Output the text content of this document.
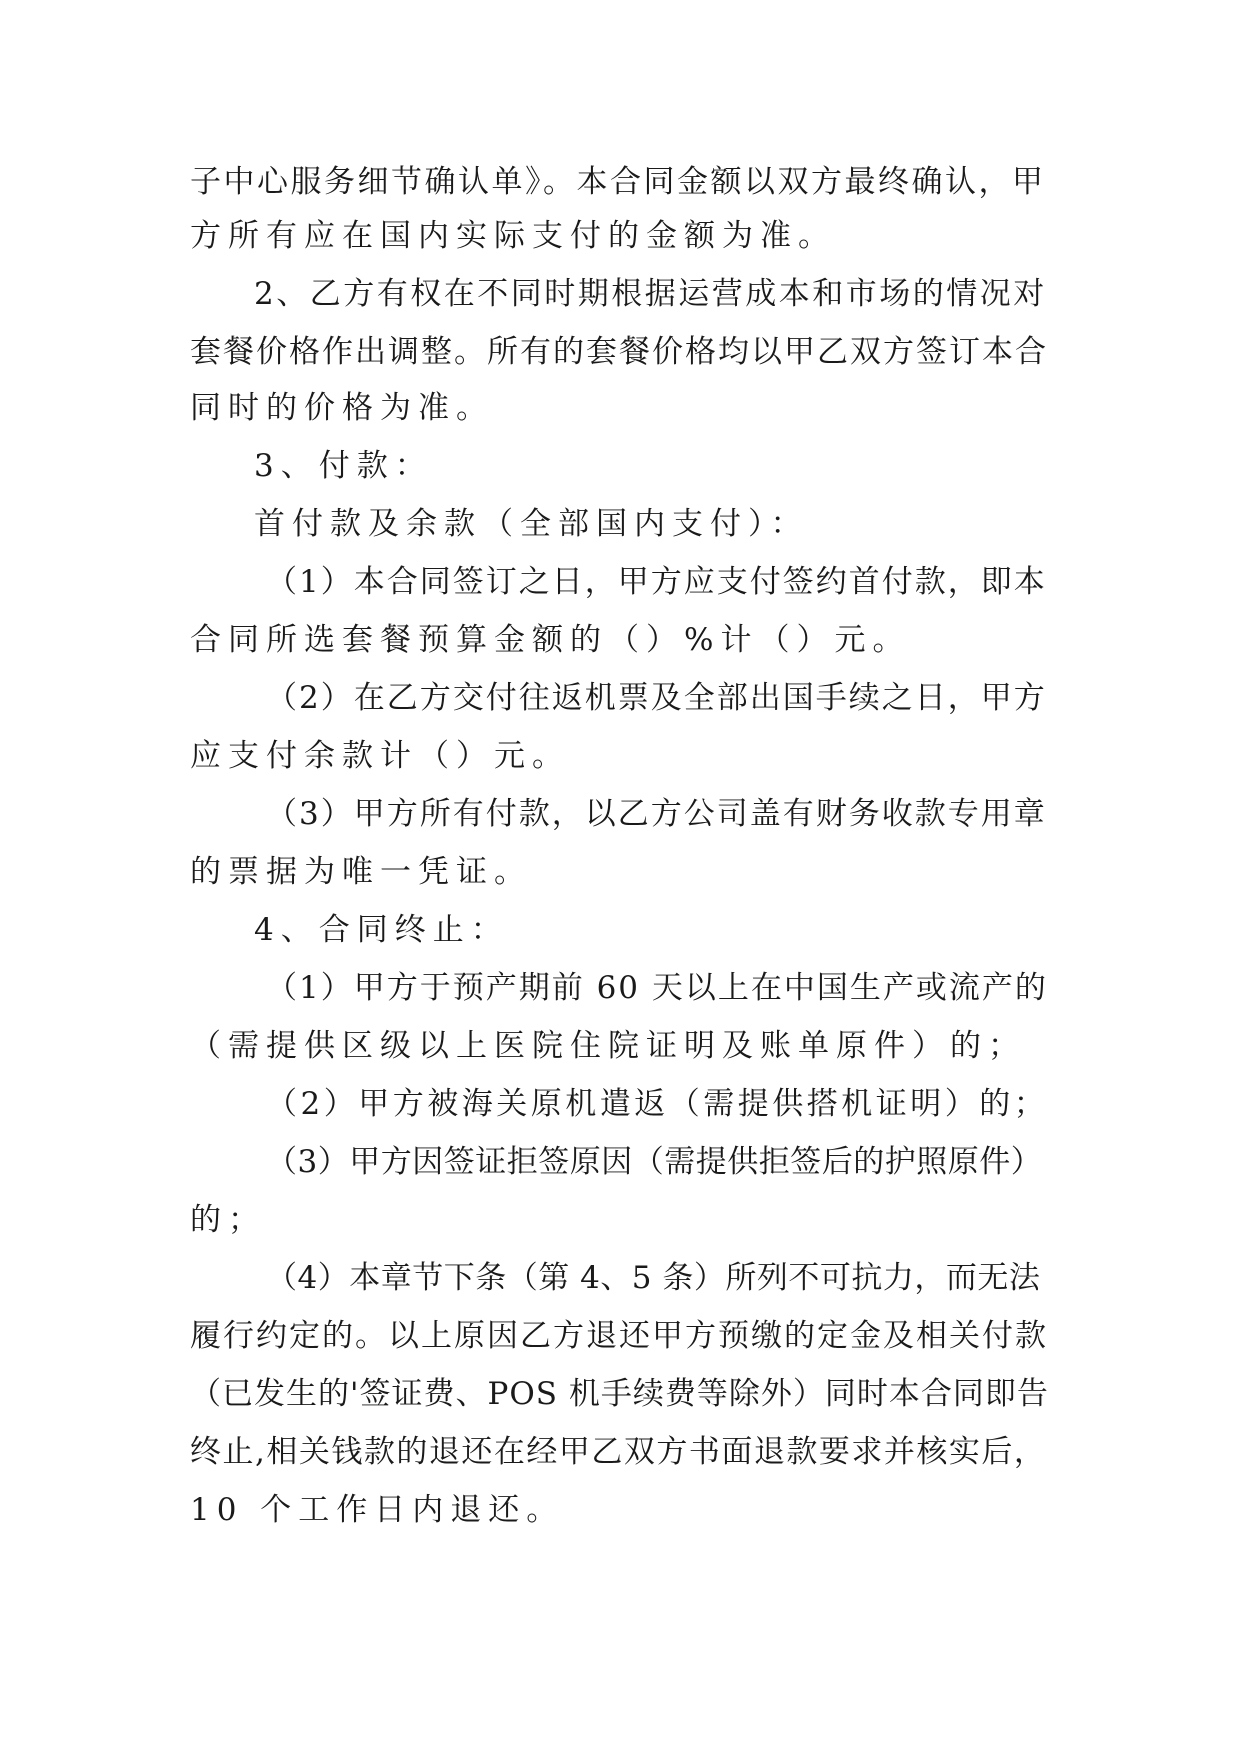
子中心服务细节确认单》。本合同金额以双方最终确认，甲
方所有应在国内实际支付的金额为准。
2、乙方有权在不同时期根据运营成本和市场的情况对
套餐价格作出调整。所有的套餐价格均以甲乙双方签订本合
同时的价格为准。
3、付款：
首付款及余款（全部国内支付）：
（1）本合同签订之日，甲方应支付签约首付款，即本
合同所选套餐预算金额的（）%计（）元。
（2）在乙方交付往返机票及全部出国手续之日，甲方
应支付余款计（）元。
（3）甲方所有付款，以乙方公司盖有财务收款专用章
的票据为唯一凭证。
4、合同终止：
（1）甲方于预产期前 60 天以上在中国生产或流产的
（需提供区级以上医院住院证明及账单原件）的；
（2）甲方被海关原机遣返（需提供搭机证明）的；
（3）甲方因签证拒签原因（需提供拒签后的护照原件）
的；
（4）本章节下条（第 4、5 条）所列不可抗力，而无法
履行约定的。以上原因乙方退还甲方预缴的定金及相关付款
（已发生的'签证费、POS 机手续费等除外）同时本合同即告
终止,相关钱款的退还在经甲乙双方书面退款要求并核实后，
10 个工作日内退还。
